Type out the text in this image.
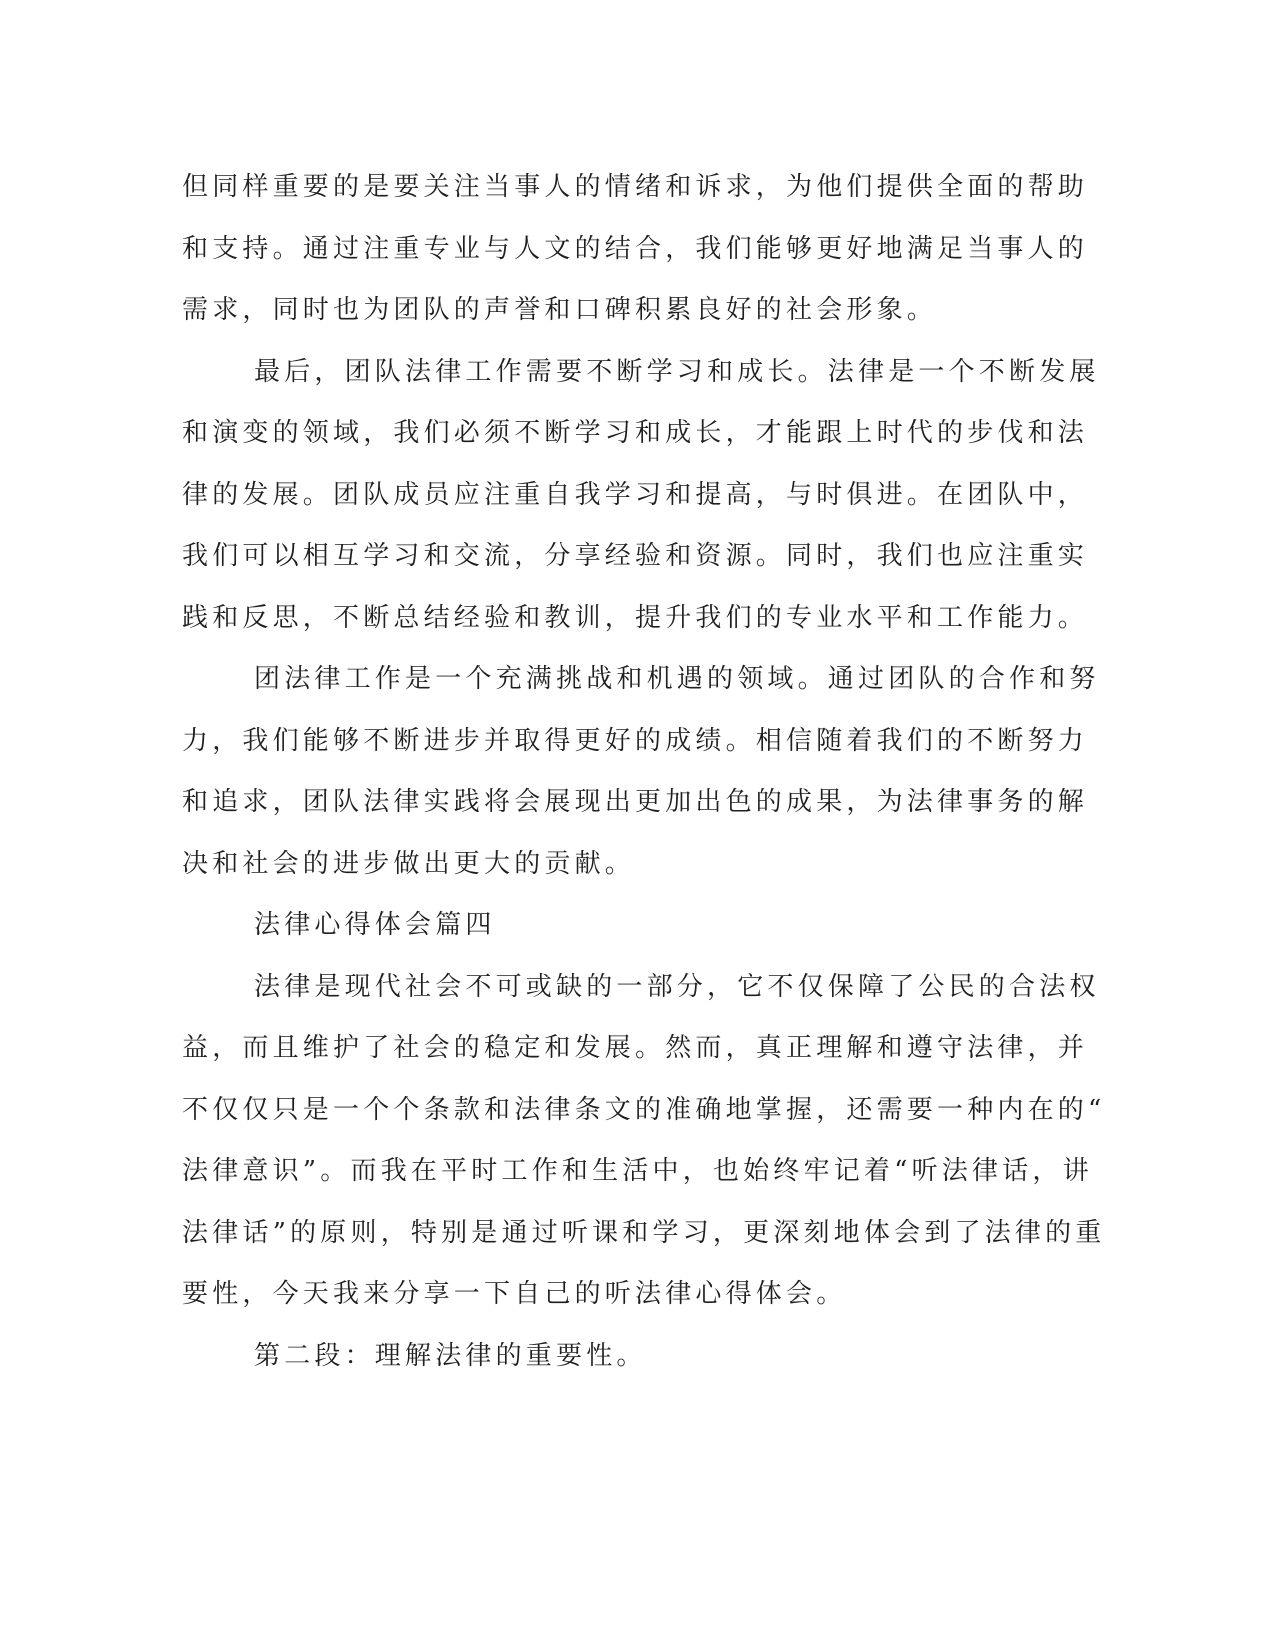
但同样重要的是要关注当事人的情绪和诉求，为他们提供全面的帮助
和支持。通过注重专业与人文的结合，我们能够更好地满足当事人的
需求，同时也为团队的声誉和口碑积累良好的社会形象。
最后，团队法律工作需要不断学习和成长。法律是一个不断发展
和演变的领域，我们必须不断学习和成长，才能跟上时代的步伐和法
律的发展。团队成员应注重自我学习和提高，与时俱进。在团队中，
我们可以相互学习和交流，分享经验和资源。同时，我们也应注重实
践和反思，不断总结经验和教训，提升我们的专业水平和工作能力。
团法律工作是一个充满挑战和机遇的领域。通过团队的合作和努
力，我们能够不断进步并取得更好的成绩。相信随着我们的不断努力
和追求，团队法律实践将会展现出更加出色的成果，为法律事务的解
决和社会的进步做出更大的贡献。
法律心得体会篇四
法律是现代社会不可或缺的一部分，它不仅保障了公民的合法权
益，而且维护了社会的稳定和发展。然而，真正理解和遵守法律，并
不仅仅只是一个个条款和法律条文的准确地掌握，还需要一种内在的“
法律意识”。而我在平时工作和生活中，也始终牢记着“听法律话，讲
法律话”的原则，特别是通过听课和学习，更深刻地体会到了法律的重
要性，今天我来分享一下自己的听法律心得体会。
第二段：理解法律的重要性。
